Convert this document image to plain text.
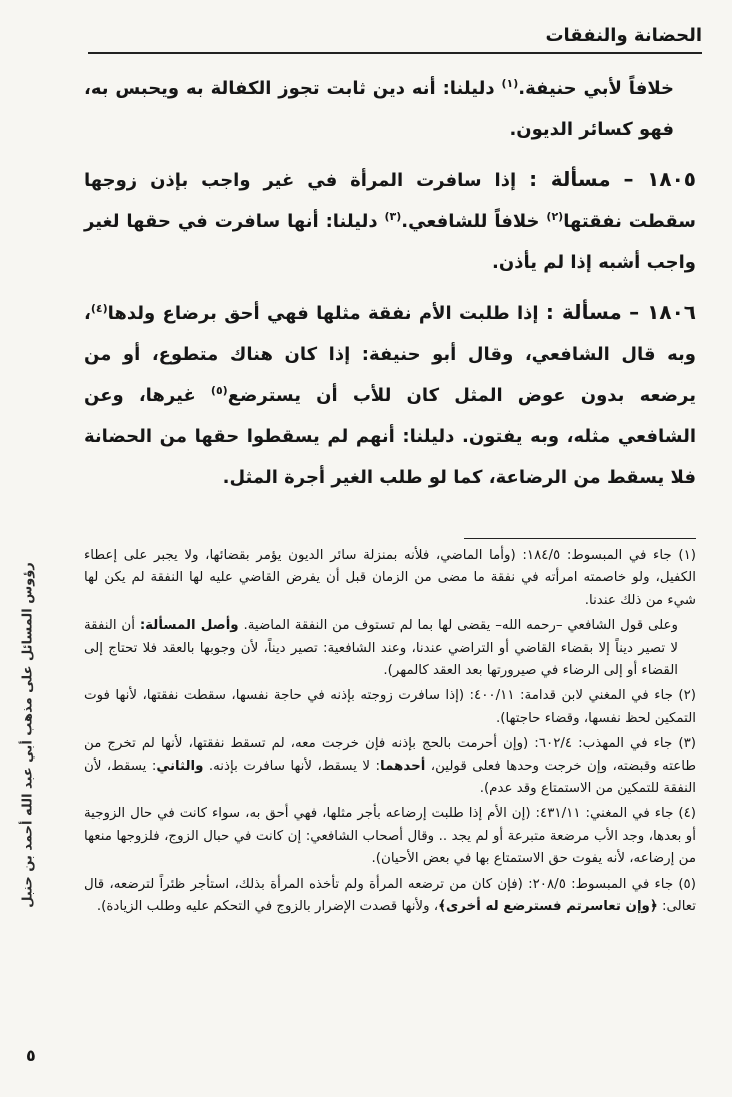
الحضانة والنفقات

خلافاً لأبي حنيفة.$^{(١)}$ دليلنا: أنه دين ثابت تجوز الكفالة به ويحبس به، فهو كسائر الديون.

١٨٠٥ – مسألة : إذا سافرت المرأة في غير واجب بإذن زوجها سقطت نفقتها$^{(٢)}$ خلافاً للشافعي.$^{(٣)}$ دليلنا: أنها سافرت في حقها لغير واجب أشبه إذا لم يأذن.

١٨٠٦ – مسألة : إذا طلبت الأم نفقة مثلها فهي أحق برضاع ولدها$^{(٤)}$، وبه قال الشافعي، وقال أبو حنيفة: إذا كان هناك متطوع، أو من يرضعه بدون عوض المثل كان للأب أن يسترضع$^{(٥)}$ غيرها، وعن الشافعي مثله، وبه يفتون. دليلنا: أنهم لم يسقطوا حقها من الحضانة فلا يسقط من الرضاعة، كما لو طلب الغير أجرة المثل.

(١) جاء في المبسوط: ١٨٤/٥: (وأما الماضي، فلأنه بمنزلة سائر الديون يؤمر بقضائها، ولا يجبر على إعطاء الكفيل، ولو خاصمته امرأته في نفقة ما مضى من الزمان قبل أن يفرض القاضي عليه لها النفقة لم يكن لها شيء من ذلك عندنا.

وعلى قول الشافعي –رحمه الله– يقضى لها بما لم تستوف من النفقة الماضية. وأصل المسألة: أن النفقة لا تصير ديناً إلا بقضاء القاضي أو التراضي عندنا، وعند الشافعية: تصير ديناً، لأن وجوبها بالعقد فلا تحتاج إلى القضاء أو إلى الرضاء في صيرورتها بعد العقد كالمهر).

(٢) جاء في المغني لابن قدامة: ٤٠٠/١١: (إذا سافرت زوجته بإذنه في حاجة نفسها، سقطت نفقتها، لأنها فوت التمكين لحظ نفسها، وقضاء حاجتها).

(٣) جاء في المهذب: ٦٠٢/٤: (وإن أحرمت بالحج بإذنه فإن خرجت معه، لم تسقط نفقتها، لأنها لم تخرج من طاعته وقبضته، وإن خرجت وحدها فعلى قولين، أحدهما: لا يسقط، لأنها سافرت بإذنه. والثاني: يسقط، لأن النفقة للتمكين من الاستمتاع وقد عدم).

(٤) جاء في المغني: ٤٣١/١١: (إن الأم إذا طلبت إرضاعه بأجر مثلها، فهي أحق به، سواء كانت في حال الزوجية أو بعدها، وجد الأب مرضعة متبرعة أو لم يجد .. وقال أصحاب الشافعي: إن كانت في حبال الزوج، فلزوجها منعها من إرضاعه، لأنه يفوت حق الاستمتاع بها في بعض الأحيان).

(٥) جاء في المبسوط: ٢٠٨/٥: (فإن كان من ترضعه المرأة ولم تأخذه المرأة بذلك، استأجر ظئراً لترضعه، قال تعالى: ﴿وإن تعاسرتم فسترضع له أخرى﴾، ولأنها قصدت الإضرار بالزوج في التحكم عليه وطلب الزيادة).

رؤوس المسائل على مذهب أبي عبد الله أحمد بن حنبل
٥
